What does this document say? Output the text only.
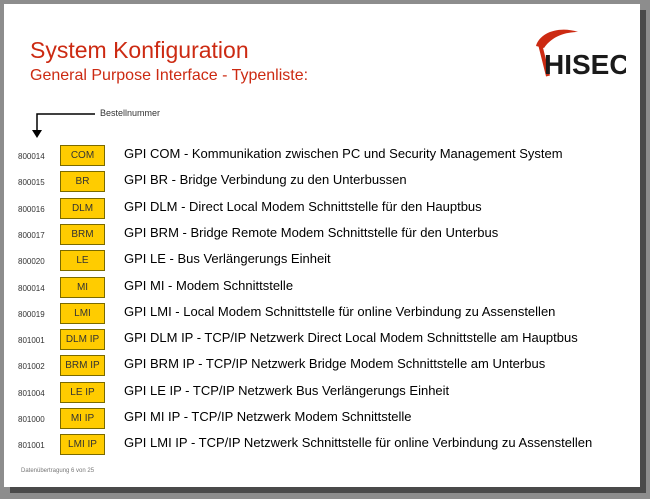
System Konfiguration
General Purpose Interface - Typenliste:	HISEC
Bestellnummer
800014	COM	GPI COM - Kommunikation zwischen PC und Security Management System
800015	BR	GPI BR - Bridge Verbindung zu den Unterbussen
800016	DLM	GPI DLM - Direct Local Modem Schnittstelle für den Hauptbus
800017	BRM	GPI BRM - Bridge Remote Modem Schnittstelle für den Unterbus
800020	LE	GPI LE - Bus Verlängerungs Einheit
800014	MI	GPI MI - Modem Schnittstelle
800019	LMI	GPI LMI - Local Modem Schnittstelle für online Verbindung zu Assenstellen
801001	DLM IP	GPI DLM IP - TCP/IP Netzwerk Direct Local Modem Schnittstelle am Hauptbus
801002	BRM IP	GPI BRM IP - TCP/IP Netzwerk Bridge Modem Schnittstelle am Unterbus
801004	LE IP	GPI LE IP - TCP/IP Netzwerk Bus Verlängerungs Einheit
801000	MI IP	GPI MI IP - TCP/IP Netzwerk Modem Schnittstelle
801001	LMI IP	GPI LMI IP - TCP/IP Netzwerk Schnittstelle für online Verbindung zu Assenstellen
Datenübertragung 6 von 25
